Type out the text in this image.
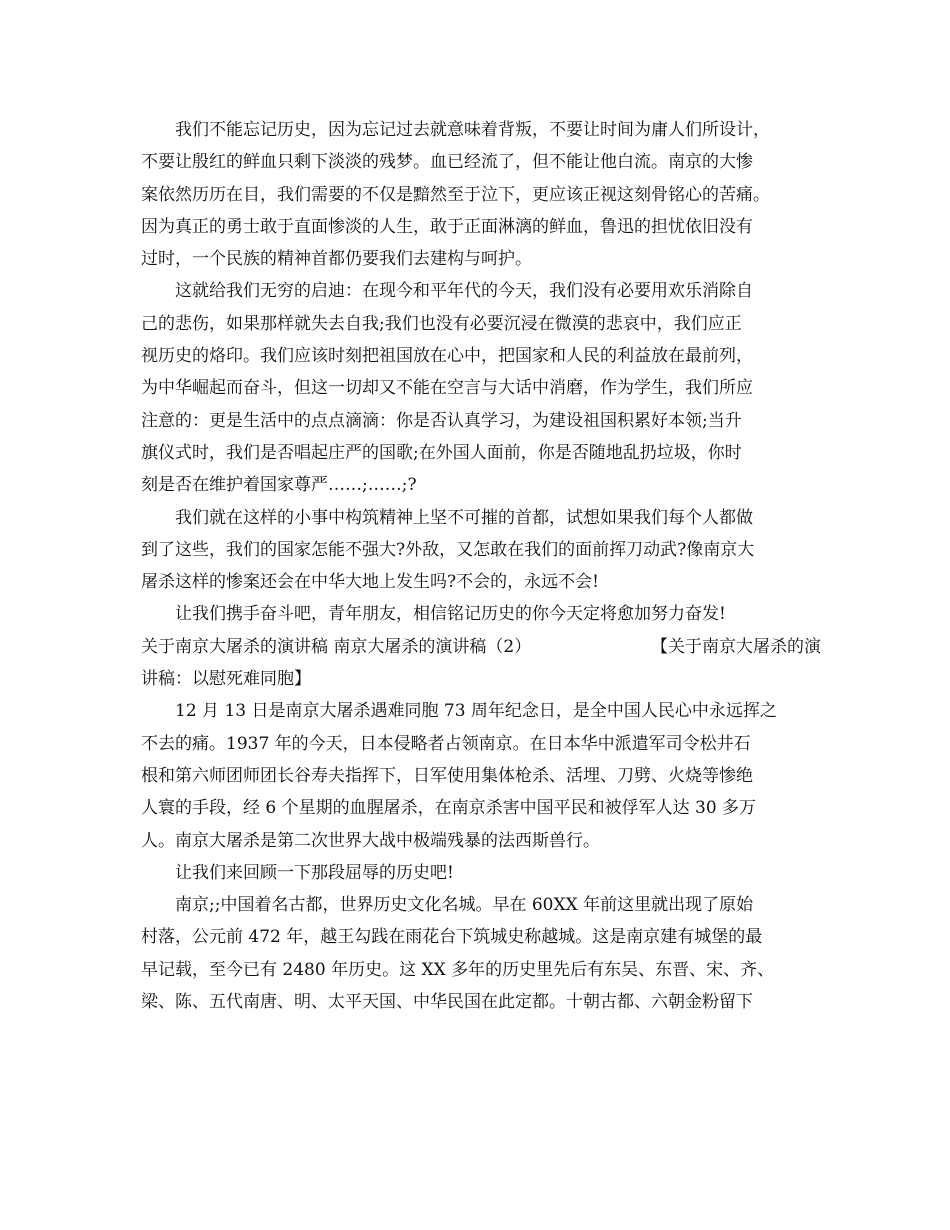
我们不能忘记历史，因为忘记过去就意味着背叛，不要让时间为庸人们所设计，
不要让殷红的鲜血只剩下淡淡的残梦。血已经流了，但不能让他白流。南京的大惨
案依然历历在目，我们需要的不仅是黯然至于泣下，更应该正视这刻骨铭心的苦痛。
因为真正的勇士敢于直面惨淡的人生，敢于正面淋漓的鲜血，鲁迅的担忧依旧没有
过时，一个民族的精神首都仍要我们去建构与呵护。
这就给我们无穷的启迪：在现今和平年代的今天，我们没有必要用欢乐消除自
己的悲伤，如果那样就失去自我;我们也没有必要沉浸在微漠的悲哀中，我们应正
视历史的烙印。我们应该时刻把祖国放在心中，把国家和人民的利益放在最前列，
为中华崛起而奋斗，但这一切却又不能在空言与大话中消磨，作为学生，我们所应
注意的：更是生活中的点点滴滴：你是否认真学习，为建设祖国积累好本领;当升
旗仪式时，我们是否唱起庄严的国歌;在外国人面前，你是否随地乱扔垃圾，你时
刻是否在维护着国家尊严……;……;?
我们就在这样的小事中构筑精神上坚不可摧的首都，试想如果我们每个人都做
到了这些，我们的国家怎能不强大?外敌，又怎敢在我们的面前挥刀动武?像南京大
屠杀这样的惨案还会在中华大地上发生吗?不会的，永远不会!
让我们携手奋斗吧，青年朋友，相信铭记历史的你今天定将愈加努力奋发!
关于南京大屠杀的演讲稿 南京大屠杀的演讲稿（2）	【关于南京大屠杀的演
讲稿：以慰死难同胞】
12 月 13 日是南京大屠杀遇难同胞 73 周年纪念日，是全中国人民心中永远挥之
不去的痛。1937 年的今天，日本侵略者占领南京。在日本华中派遣军司令松井石
根和第六师团师团长谷寿夫指挥下，日军使用集体枪杀、活埋、刀劈、火烧等惨绝
人寰的手段，经 6 个星期的血腥屠杀，在南京杀害中国平民和被俘军人达 30 多万
人。南京大屠杀是第二次世界大战中极端残暴的法西斯兽行。
让我们来回顾一下那段屈辱的历史吧!
南京;;中国着名古都，世界历史文化名城。早在 60XX 年前这里就出现了原始
村落，公元前 472 年，越王勾践在雨花台下筑城史称越城。这是南京建有城堡的最
早记载，至今已有 2480 年历史。这 XX 多年的历史里先后有东吴、东晋、宋、齐、
梁、陈、五代南唐、明、太平天国、中华民国在此定都。十朝古都、六朝金粉留下
